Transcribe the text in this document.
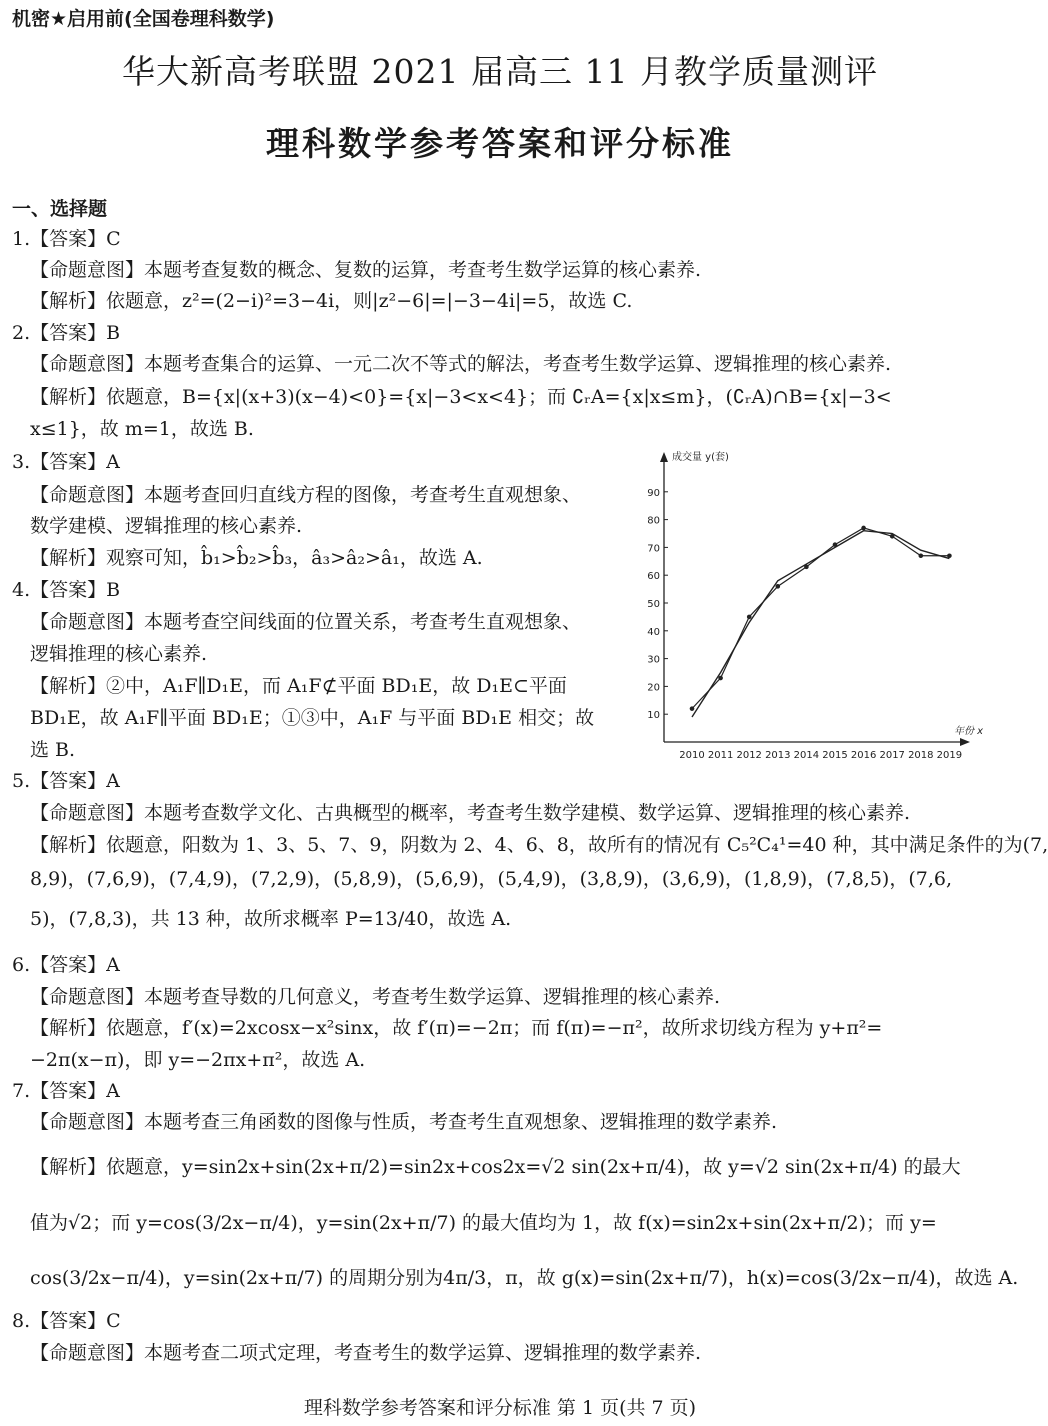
机密★启用前(全国卷理科数学)
华大新高考联盟 2021 届高三 11 月教学质量测评
理科数学参考答案和评分标准
一、选择题
1.【答案】C
【命题意图】本题考查复数的概念、复数的运算，考查考生数学运算的核心素养.
【解析】依题意，z²=(2−i)²=3−4i，则|z²−6|=|−3−4i|=5，故选 C.
2.【答案】B
【命题意图】本题考查集合的运算、一元二次不等式的解法，考查考生数学运算、逻辑推理的核心素养.
【解析】依题意，B={x|(x+3)(x−4)<0}={x|−3<x<4}；而 ∁ᵣA={x|x≤m}，(∁ᵣA)∩B={x|−3<
x≤1}，故 m=1，故选 B.
3.【答案】A
【命题意图】本题考查回归直线方程的图像，考查考生直观想象、
数学建模、逻辑推理的核心素养.
【解析】观察可知，b̂₁>b̂₂>b̂₃，â₃>â₂>â₁，故选 A.
4.【答案】B
【命题意图】本题考查空间线面的位置关系，考查考生直观想象、
逻辑推理的核心素养.
【解析】②中，A₁F∥D₁E，而 A₁F⊄平面 BD₁E，故 D₁E⊂平面
BD₁E，故 A₁F∥平面 BD₁E；①③中，A₁F 与平面 BD₁E 相交；故
选 B.
5.【答案】A
【命题意图】本题考查数学文化、古典概型的概率，考查考生数学建模、数学运算、逻辑推理的核心素养.
【解析】依题意，阳数为 1、3、5、7、9，阴数为 2、4、6、8，故所有的情况有 C₅²C₄¹=40 种，其中满足条件的为(7,
8,9)，(7,6,9)，(7,4,9)，(7,2,9)，(5,8,9)，(5,6,9)，(5,4,9)，(3,8,9)，(3,6,9)，(1,8,9)，(7,8,5)，(7,6,
5)，(7,8,3)，共 13 种，故所求概率 P=13/40，故选 A.
6.【答案】A
【命题意图】本题考查导数的几何意义，考查考生数学运算、逻辑推理的核心素养.
【解析】依题意，f′(x)=2xcosx−x²sinx，故 f′(π)=−2π；而 f(π)=−π²，故所求切线方程为 y+π²=
−2π(x−π)，即 y=−2πx+π²，故选 A.
7.【答案】A
【命题意图】本题考查三角函数的图像与性质，考查考生直观想象、逻辑推理的数学素养.
【解析】依题意，y=sin2x+sin(2x+π/2)=sin2x+cos2x=√2 sin(2x+π/4)，故 y=√2 sin(2x+π/4) 的最大
值为√2；而 y=cos(3/2x−π/4)，y=sin(2x+π/7) 的最大值均为 1，故 f(x)=sin2x+sin(2x+π/2)；而 y=
cos(3/2x−π/4)，y=sin(2x+π/7) 的周期分别为4π/3，π，故 g(x)=sin(2x+π/7)，h(x)=cos(3/2x−π/4)，故选 A.
8.【答案】C
【命题意图】本题考查二项式定理，考查考生的数学运算、逻辑推理的数学素养.
10
20
30
40
50
60
70
80
90
2010 2011 2012 2013 2014 2015 2016 2017 2018 2019
成交量 y(套)
年份 x
理科数学参考答案和评分标准 第 1 页(共 7 页)
